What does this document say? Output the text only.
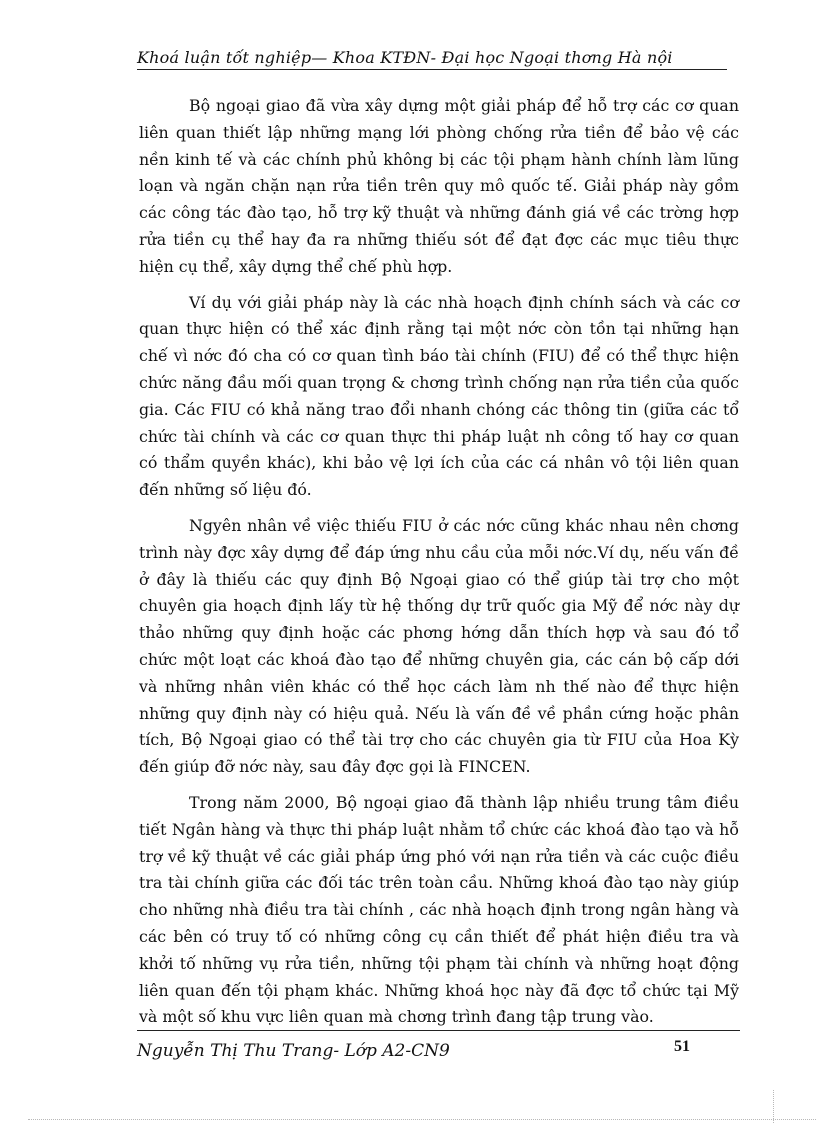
Khoá luận tốt nghiệp— Khoa KTĐN- Đại học Ngoại thơng Hà nội

Bộ ngoại giao đã vừa xây dựng một giải pháp để hỗ trợ các cơ quan liên quan thiết lập những mạng lới phòng chống rửa tiền để bảo vệ các nền kinh tế và các chính phủ không bị các tội phạm hành chính làm lũng loạn và ngăn chặn nạn rửa tiền trên quy mô quốc tế. Giải pháp này gồm các công tác đào tạo, hỗ trợ kỹ thuật và những đánh giá về các trờng hợp rửa tiền cụ thể hay đa ra những thiếu sót để đạt đợc các mục tiêu thực hiện cụ thể, xây dựng thể chế phù hợp.

Ví dụ với giải pháp này là các nhà hoạch định chính sách và các cơ quan thực hiện có thể xác định rằng tại một nớc còn tồn tại những hạn chế vì nớc đó cha có cơ quan tình báo tài chính (FIU) để có thể thực hiện chức năng đầu mối quan trọng & chơng trình chống nạn rửa tiền của quốc gia. Các FIU có khả năng trao đổi nhanh chóng các thông tin (giữa các tổ chức tài chính và các cơ quan thực thi pháp luật nh công tố hay cơ quan có thẩm quyền khác), khi bảo vệ lợi ích của các cá nhân vô tội liên quan đến những số liệu đó.

Ngyên nhân về việc thiếu FIU ở các nớc cũng khác nhau nên chơng trình này đợc xây dựng để đáp ứng nhu cầu của mỗi nớc.Ví dụ, nếu vấn đề ở đây là thiếu các quy định Bộ Ngoại giao có thể giúp tài trợ cho một chuyên gia hoạch định lấy từ hệ thống dự trữ quốc gia Mỹ để nớc này dự thảo những quy định hoặc các phơng hớng dẫn thích hợp và sau đó tổ chức một loạt các khoá đào tạo để những chuyên gia, các cán bộ cấp dới và những nhân viên khác có thể học cách làm nh thế nào để thực hiện những quy định này có hiệu quả. Nếu là vấn đề về phần cứng hoặc phân tích, Bộ Ngoại giao có thể tài trợ cho các chuyên gia từ FIU của Hoa Kỳ đến giúp đỡ nớc này, sau đây đợc gọi là FINCEN.

Trong năm 2000, Bộ ngoại giao đã thành lập nhiều trung tâm điều tiết Ngân hàng và thực thi pháp luật nhằm tổ chức các khoá đào tạo và hỗ trợ về kỹ thuật về các giải pháp ứng phó với nạn rửa tiền và các cuộc điều tra tài chính giữa các đối tác trên toàn cầu. Những khoá đào tạo này giúp cho những nhà điều tra tài chính , các nhà hoạch định trong ngân hàng và các bên có truy tố có những công cụ cần thiết để phát hiện điều tra và khởi tố những vụ rửa tiền, những tội phạm tài chính và những hoạt động liên quan đến tội phạm khác. Những khoá học này đã đợc tổ chức tại Mỹ và một số khu vực liên quan mà chơng trình đang tập trung vào.

Nguyễn Thị Thu Trang- Lớp A2-CN9	51
